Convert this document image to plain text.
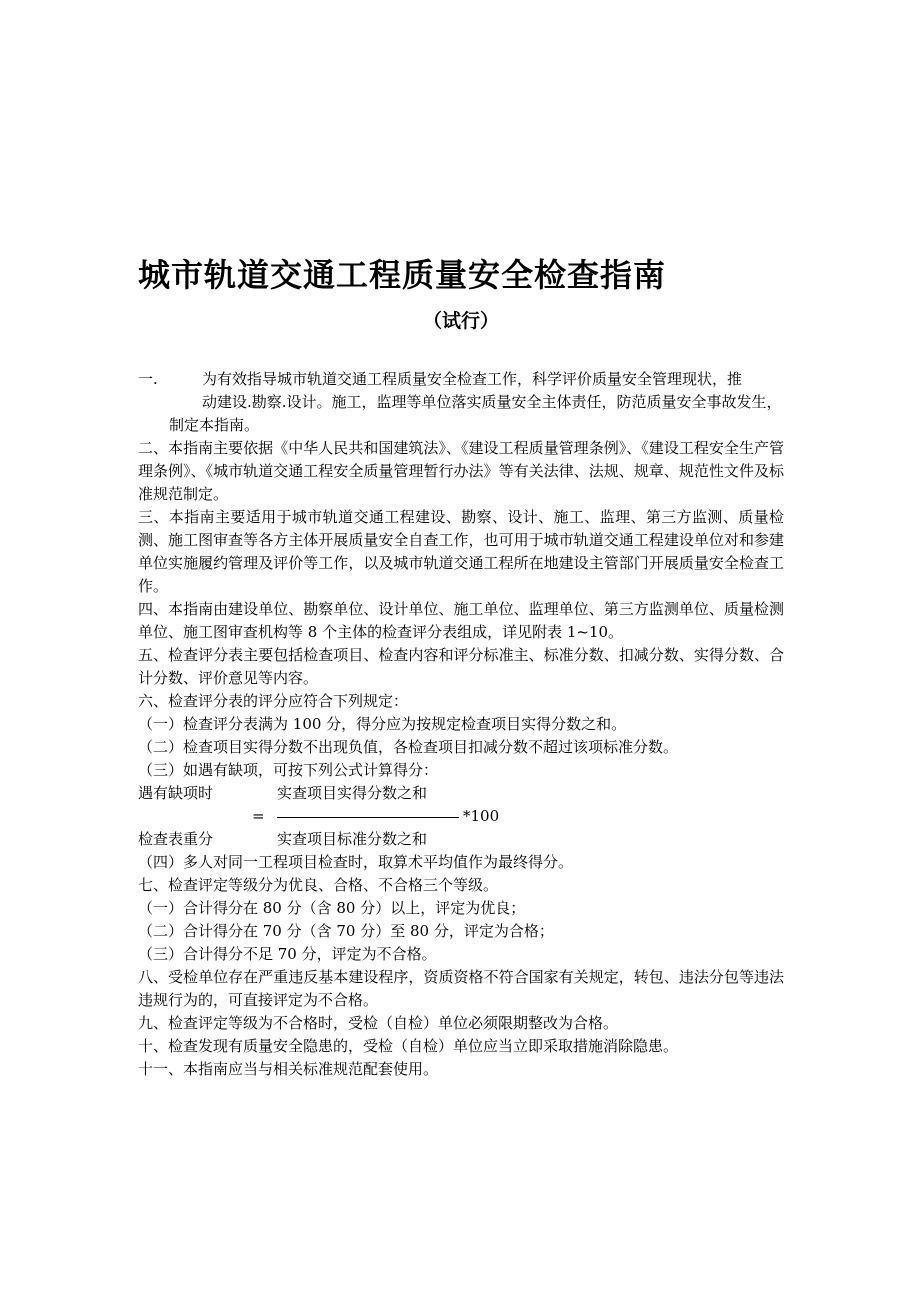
城市轨道交通工程质量安全检查指南
（试行）
一.	为有效指导城市轨道交通工程质量安全检查工作，科学评价质量安全管理现状，推
动建设.勘察.设计。施工，监理等单位落实质量安全主体责任，防范质量安全事故发生，
制定本指南。

二、本指南主要依据《中华人民共和国建筑法》、《建设工程质量管理条例》、《建设工程安全生产管理条例》、《城市轨道交通工程安全质量管理暂行办法》等有关法律、法规、规章、规范性文件及标准规范制定。

三、本指南主要适用于城市轨道交通工程建设、勘察、设计、施工、监理、第三方监测、质量检测、施工图审查等各方主体开展质量安全自查工作，也可用于城市轨道交通工程建设单位对和参建单位实施履约管理及评价等工作，以及城市轨道交通工程所在地建设主管部门开展质量安全检查工作。

四、本指南由建设单位、勘察单位、设计单位、施工单位、监理单位、第三方监测单位、质量检测单位、施工图审查机构等 8 个主体的检查评分表组成，详见附表 1~10。

五、检查评分表主要包括检查项目、检查内容和评分标准主、标准分数、扣减分数、实得分数、合计分数、评价意见等内容。

六、检查评分表的评分应符合下列规定：

（一）检查评分表满为 100 分，得分应为按规定检查项目实得分数之和。

（二）检查项目实得分数不出现负值，各检查项目扣减分数不超过该项标准分数。

（三）如遇有缺项，可按下列公式计算得分：

遇有缺项时	实查项目实得分数之和
=	*100
检查表重分	实查项目标准分数之和

（四）多人对同一工程项目检查时，取算术平均值作为最终得分。

七、检查评定等级分为优良、合格、不合格三个等级。

（一）合计得分在 80 分（含 80 分）以上，评定为优良；

（二）合计得分在 70 分（含 70 分）至 80 分，评定为合格；

（三）合计得分不足 70 分，评定为不合格。

八、受检单位存在严重违反基本建设程序，资质资格不符合国家有关规定，转包、违法分包等违法违规行为的，可直接评定为不合格。

九、检查评定等级为不合格时，受检（自检）单位必须限期整改为合格。

十、检查发现有质量安全隐患的，受检（自检）单位应当立即采取措施消除隐患。

十一、本指南应当与相关标准规范配套使用。
